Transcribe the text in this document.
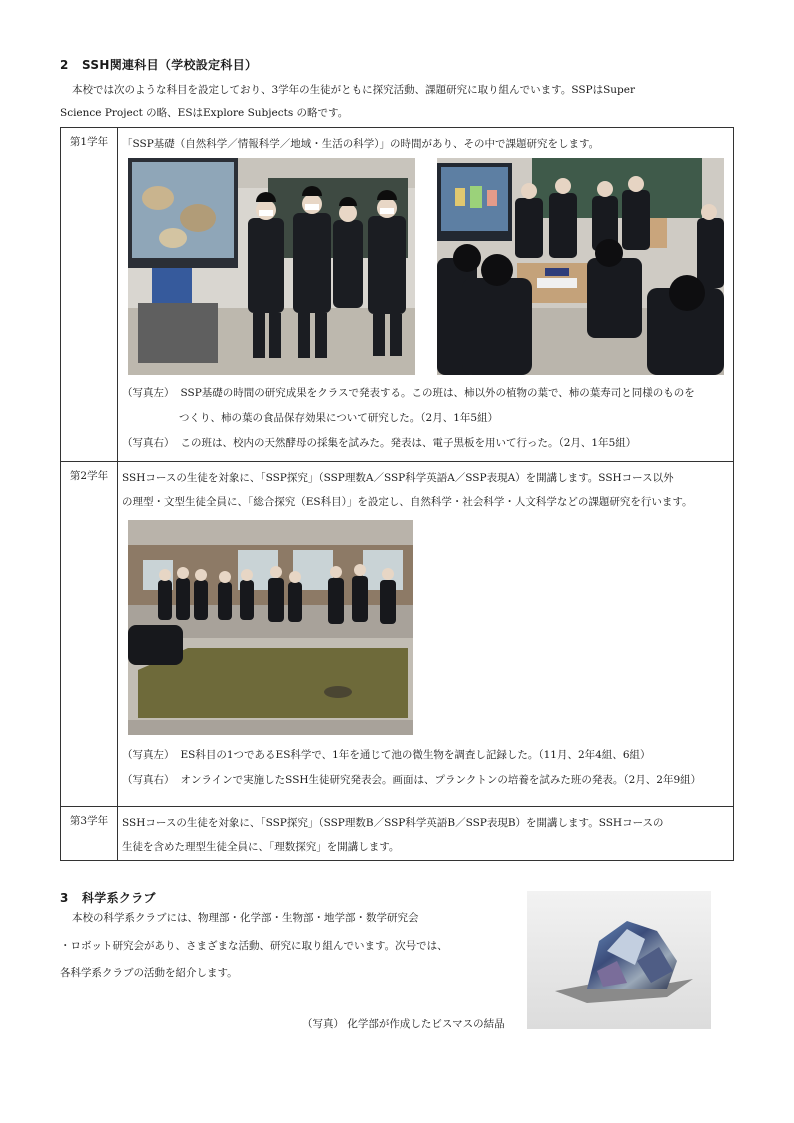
2 SSH関連科目（学校設定科目）
本校では次のような科目を設定しており、3学年の生徒がともに探究活動、課題研究に取り組んでいます。SSPはSuper
Science Project の略、ESはExplore Subjects の略です。
第1学年	「SSP基礎（自然科学／情報科学／地域・生活の科学）」の時間があり、その中で課題研究をします。
（写真左） SSP基礎の時間の研究成果をクラスで発表する。この班は、柿以外の植物の葉で、柿の葉寿司と同様のものを
つくり、柿の葉の食品保存効果について研究した。（2月、1年5組）
（写真右） この班は、校内の天然酵母の採集を試みた。発表は、電子黒板を用いて行った。（2月、1年5組）

第2学年	SSHコースの生徒を対象に、「SSP探究」（SSP理数A／SSP科学英語A／SSP表現A）を開講します。SSHコース以外
の理型・文型生徒全員に、「総合探究（ES科目）」を設定し、自然科学・社会科学・人文科学などの課題研究を行います。
（写真左） ES科目の1つであるES科学で、1年を通じて池の微生物を調査し記録した。（11月、2年4組、6組）
（写真右） オンラインで実施したSSH生徒研究発表会。画面は、プランクトンの培養を試みた班の発表。（2月、2年9組）

第3学年	SSHコースの生徒を対象に、「SSP探究」（SSP理数B／SSP科学英語B／SSP表現B）を開講します。SSHコースの
生徒を含めた理型生徒全員に、「理数探究」を開講します。
3 科学系クラブ
本校の科学系クラブには、物理部・化学部・生物部・地学部・数学研究会
・ロボット研究会があり、さまざまな活動、研究に取り組んでいます。次号では、
各科学系クラブの活動を紹介します。
（写真） 化学部が作成したビスマスの結晶
